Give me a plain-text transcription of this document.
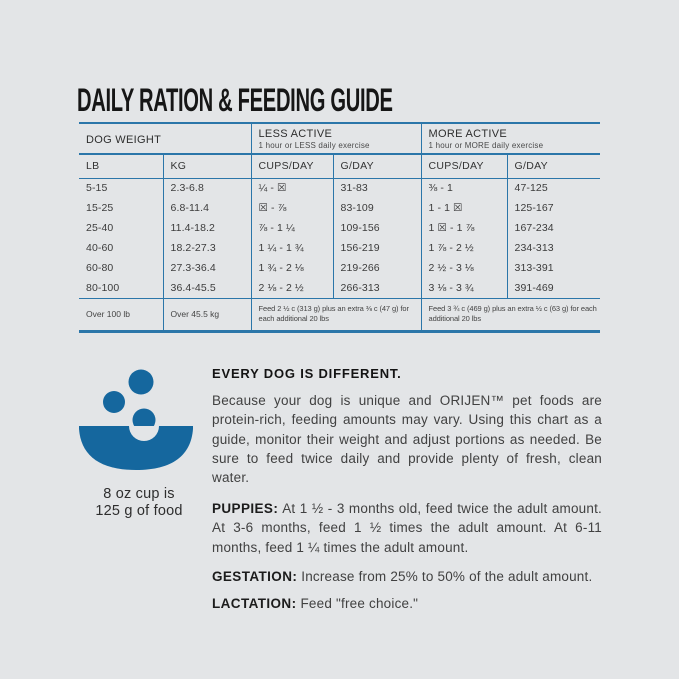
DAILY RATION & FEEDING GUIDE
DOG WEIGHT	LESS ACTIVE
1 hour or LESS daily exercise

MORE ACTIVE
1 hour or MORE daily exercise

LB	KG	CUPS/DAY	G/DAY	CUPS/DAY	G/DAY
5-15	2.3-6.8	¼ - ☒	31-83	⅜ - 1	47-125
15-25	6.8-11.4	☒ - ⅞	83-109	1 - 1 ☒	125-167
25-40	11.4-18.2	⅞ - 1 ¼	109-156	1 ☒ - 1 ⅞	167-234
40-60	18.2-27.3	1 ¼ - 1 ¾	156-219	1 ⅞ - 2 ½	234-313
60-80	27.3-36.4	1 ¾ - 2 ⅛	219-266	2 ½ - 3 ⅛	313-391
80-100	36.4-45.5	2 ⅛ - 2 ½	266-313	3 ⅛ - 3 ¾	391-469
Over 100 lb	Over 45.5 kg	Feed 2 ½ c (313 g) plus an extra ⅜ c (47 g) for each additional 20 lbs		Feed 3 ¾ c (469 g) plus an extra ½ c (63 g) for each additional 20 lbs	
8 oz cup is
125 g of food
EVERY DOG IS DIFFERENT.

Because your dog is unique and ORIJEN™ pet foods are protein-rich, feeding amounts may vary. Using this chart as a guide, monitor their weight and adjust portions as needed. Be sure to feed twice daily and provide plenty of fresh, clean water.

PUPPIES: At 1 ½ - 3 months old, feed twice the adult amount. At 3-6 months, feed 1 ½ times the adult amount. At 6-11 months, feed 1 ¼ times the adult amount.

GESTATION: Increase from 25% to 50% of the adult amount.

LACTATION: Feed "free choice."
